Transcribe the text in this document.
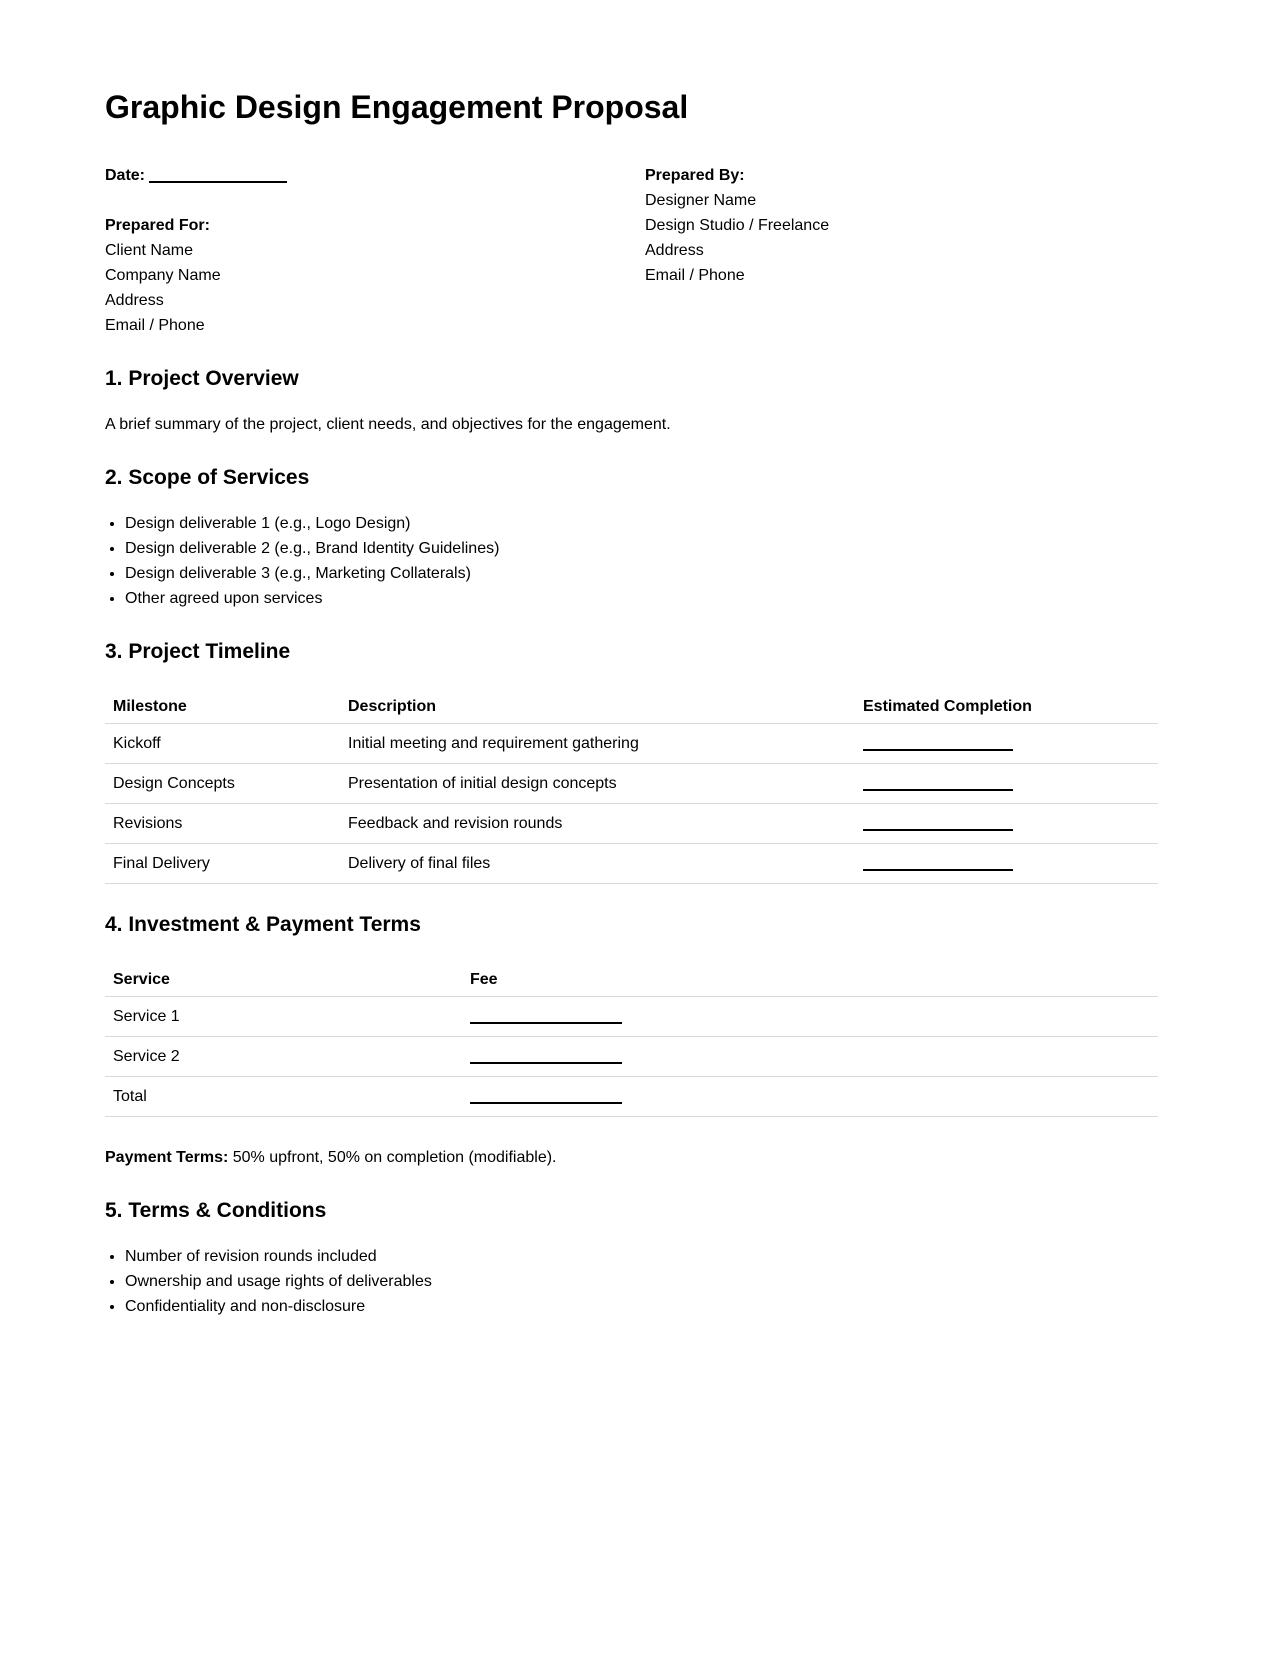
Graphic Design Engagement Proposal

Date:

Prepared For:

Client Name

Company Name

Address

Email / Phone

Prepared By:

Designer Name

Design Studio / Freelance

Address

Email / Phone

1. Project Overview

A brief summary of the project, client needs, and objectives for the engagement.

2. Scope of Services
• Design deliverable 1 (e.g., Logo Design)
• Design deliverable 2 (e.g., Brand Identity Guidelines)
• Design deliverable 3 (e.g., Marketing Collaterals)
• Other agreed upon services
3. Project Timeline
Milestone	Description	Estimated Completion
Kickoff	Initial meeting and requirement gathering	
Design Concepts	Presentation of initial design concepts	
Revisions	Feedback and revision rounds	
Final Delivery	Delivery of final files	
4. Investment & Payment Terms
Service	Fee
Service 1	
Service 2	
Total	

Payment Terms: 50% upfront, 50% on completion (modifiable).

5. Terms & Conditions
• Number of revision rounds included
• Ownership and usage rights of deliverables
• Confidentiality and non-disclosure
